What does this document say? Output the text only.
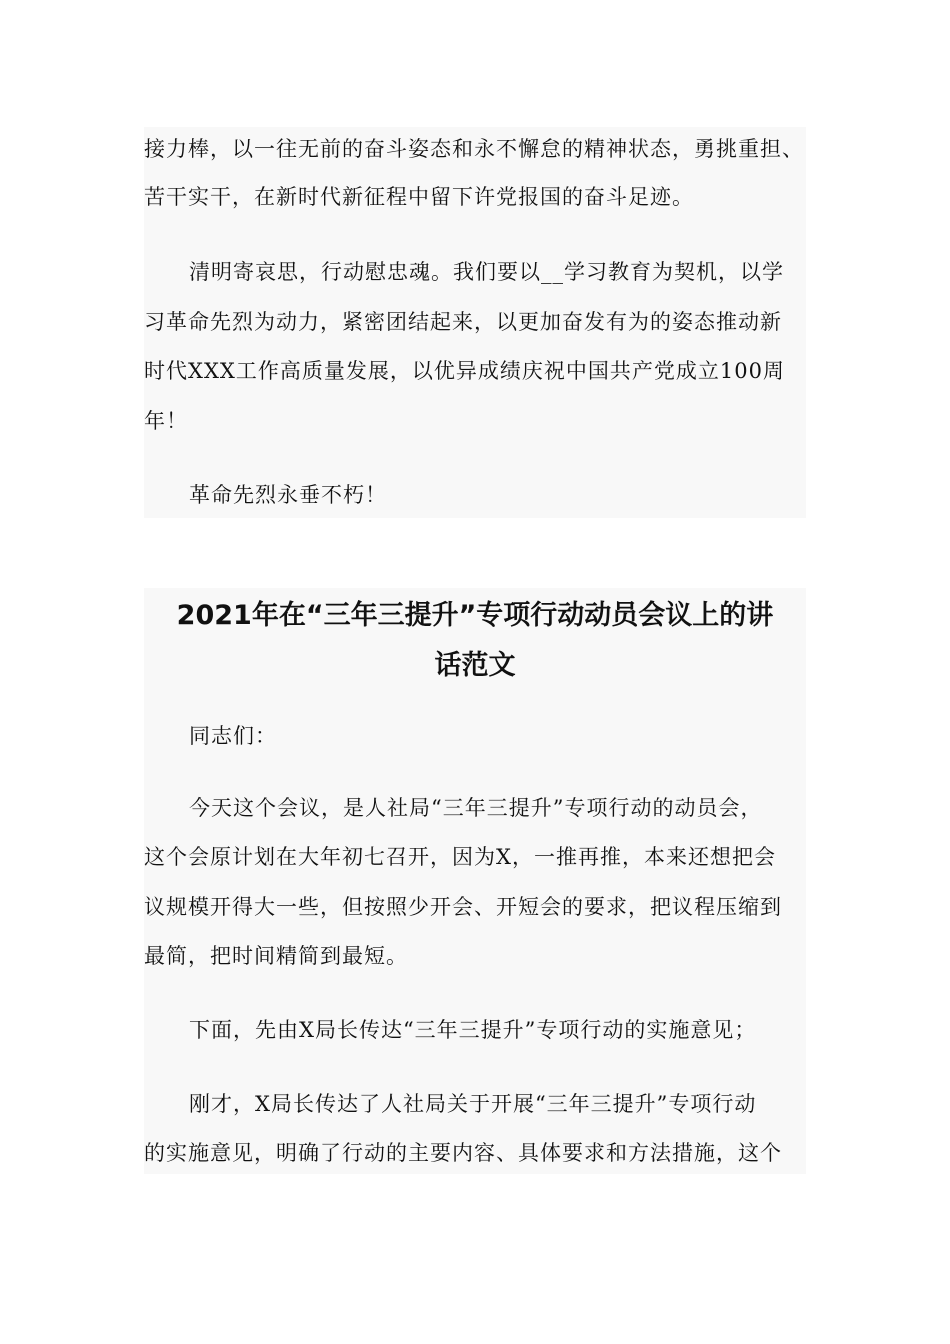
接力棒，以一往无前的奋斗姿态和永不懈怠的精神状态，勇挑重担、
苦干实干，在新时代新征程中留下许党报国的奋斗足迹。
清明寄哀思，行动慰忠魂。我们要以__学习教育为契机，以学
习革命先烈为动力，紧密团结起来，以更加奋发有为的姿态推动新
时代XXX工作高质量发展，以优异成绩庆祝中国共产党成立100周
年！
革命先烈永垂不朽！
2021年在“三年三提升”专项行动动员会议上的讲
话范文
同志们：
今天这个会议，是人社局“三年三提升”专项行动的动员会，
这个会原计划在大年初七召开，因为X，一推再推，本来还想把会
议规模开得大一些，但按照少开会、开短会的要求，把议程压缩到
最简，把时间精简到最短。
下面，先由X局长传达“三年三提升”专项行动的实施意见；
刚才，X局长传达了人社局关于开展“三年三提升”专项行动
的实施意见，明确了行动的主要内容、具体要求和方法措施，这个
